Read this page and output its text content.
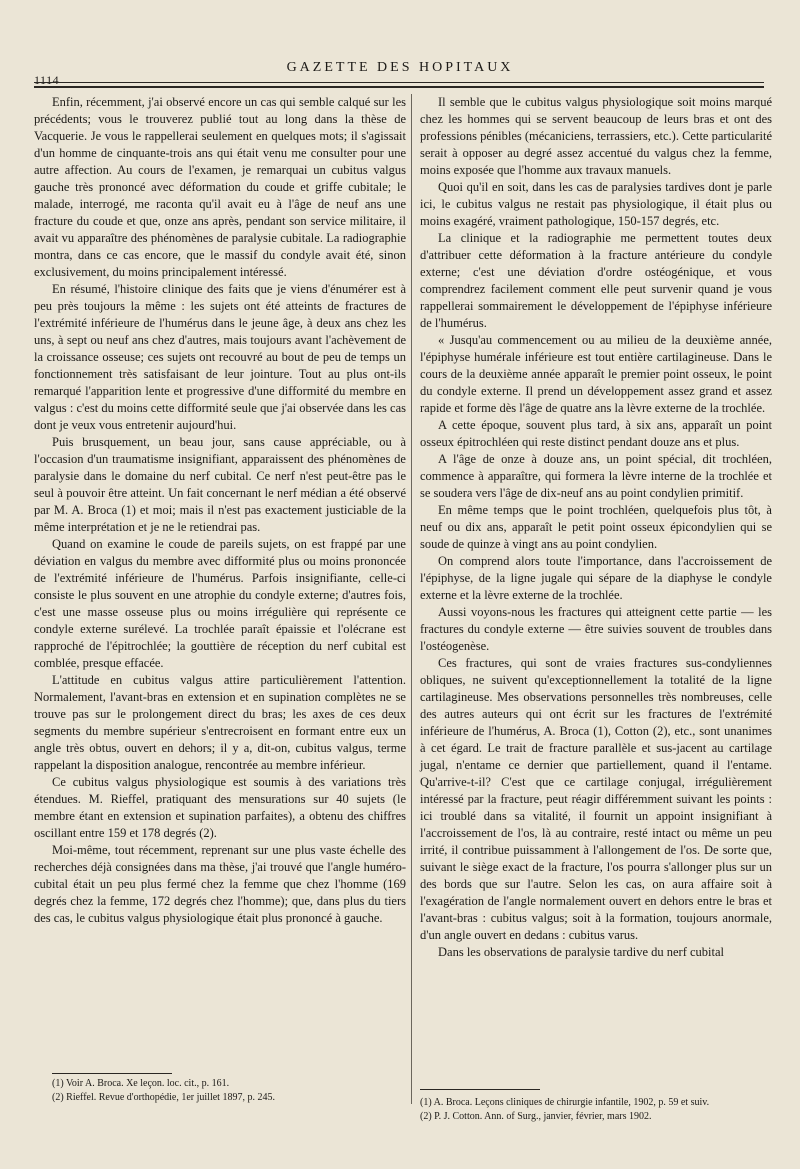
1114
GAZETTE DES HOPITAUX

Enfin, récemment, j'ai observé encore un cas qui semble calqué sur les précédents; vous le trouverez publié tout au long dans la thèse de Vacquerie. Je vous le rappellerai seulement en quelques mots; il s'agissait d'un homme de cinquante-trois ans qui était venu me consulter pour une autre affection. Au cours de l'examen, je remarquai un cubitus valgus gauche très prononcé avec déformation du coude et griffe cubitale; le malade, interrogé, me raconta qu'il avait eu à l'âge de neuf ans une fracture du coude et que, onze ans après, pendant son service militaire, il avait vu apparaître des phénomènes de paralysie cubitale. La radiographie montra, dans ce cas encore, que le massif du condyle avait été, sinon exclusivement, du moins principalement intéressé.

En résumé, l'histoire clinique des faits que je viens d'énumérer est à peu près toujours la même : les sujets ont été atteints de fractures de l'extrémité inférieure de l'humérus dans le jeune âge, à deux ans chez les uns, à sept ou neuf ans chez d'autres, mais toujours avant l'achèvement de la croissance osseuse; ces sujets ont recouvré au bout de peu de temps un fonctionnement très satisfaisant de leur jointure. Tout au plus ont-ils remarqué l'apparition lente et progressive d'une difformité du membre en valgus : c'est du moins cette difformité seule que j'ai observée dans les cas dont je veux vous entretenir aujourd'hui.

Puis brusquement, un beau jour, sans cause appréciable, ou à l'occasion d'un traumatisme insignifiant, apparaissent des phénomènes de paralysie dans le domaine du nerf cubital. Ce nerf n'est peut-être pas le seul à pouvoir être atteint. Un fait concernant le nerf médian a été observé par M. A. Broca (1) et moi; mais il n'est pas exactement justiciable de la même interprétation et je ne le retiendrai pas.

Quand on examine le coude de pareils sujets, on est frappé par une déviation en valgus du membre avec difformité plus ou moins prononcée de l'extrémité inférieure de l'humérus. Parfois insignifiante, celle-ci consiste le plus souvent en une atrophie du condyle externe; d'autres fois, c'est une masse osseuse plus ou moins irrégulière qui représente ce condyle externe surélevé. La trochlée paraît épaissie et l'olécrane est rapproché de l'épitrochlée; la gouttière de réception du nerf cubital est comblée, presque effacée.

L'attitude en cubitus valgus attire particulièrement l'attention. Normalement, l'avant-bras en extension et en supination complètes ne se trouve pas sur le prolongement direct du bras; les axes de ces deux segments du membre supérieur s'entrecroisent en formant entre eux un angle très obtus, ouvert en dehors; il y a, dit-on, cubitus valgus, terme rappelant la disposition analogue, rencontrée au membre inférieur.

Ce cubitus valgus physiologique est soumis à des variations très étendues. M. Rieffel, pratiquant des mensurations sur 40 sujets (le membre étant en extension et supination parfaites), a obtenu des chiffres oscillant entre 159 et 178 degrés (2).

Moi-même, tout récemment, reprenant sur une plus vaste échelle des recherches déjà consignées dans ma thèse, j'ai trouvé que l'angle huméro-cubital était un peu plus fermé chez la femme que chez l'homme (169 degrés chez la femme, 172 degrés chez l'homme); que, dans plus du tiers des cas, le cubitus valgus physiologique était plus prononcé à gauche.

Il semble que le cubitus valgus physiologique soit moins marqué chez les hommes qui se servent beaucoup de leurs bras et ont des professions pénibles (mécaniciens, terrassiers, etc.). Cette particularité serait à opposer au degré assez accentué du valgus chez la femme, moins exposée que l'homme aux travaux manuels.

Quoi qu'il en soit, dans les cas de paralysies tardives dont je parle ici, le cubitus valgus ne restait pas physiologique, il était plus ou moins exagéré, vraiment pathologique, 150-157 degrés, etc.

La clinique et la radiographie me permettent toutes deux d'attribuer cette déformation à la fracture antérieure du condyle externe; c'est une déviation d'ordre ostéogénique, et vous comprendrez facilement comment elle peut survenir quand je vous rappellerai sommairement le développement de l'épiphyse inférieure de l'humérus.

« Jusqu'au commencement ou au milieu de la deuxième année, l'épiphyse humérale inférieure est tout entière cartilagineuse. Dans le cours de la deuxième année apparaît le premier point osseux, le point du condyle externe. Il prend un développement assez grand et assez rapide et forme dès l'âge de quatre ans la lèvre externe de la trochlée.

A cette époque, souvent plus tard, à six ans, apparaît un point osseux épitrochléen qui reste distinct pendant douze ans et plus.

A l'âge de onze à douze ans, un point spécial, dit trochléen, commence à apparaître, qui formera la lèvre interne de la trochlée et se soudera vers l'âge de dix-neuf ans au point condylien primitif.

En même temps que le point trochléen, quelquefois plus tôt, à neuf ou dix ans, apparaît le petit point osseux épicondylien qui se soude de quinze à vingt ans au point condylien.

On comprend alors toute l'importance, dans l'accroissement de l'épiphyse, de la ligne jugale qui sépare de la diaphyse le condyle externe et la lèvre externe de la trochlée.

Aussi voyons-nous les fractures qui atteignent cette partie — les fractures du condyle externe — être suivies souvent de troubles dans l'ostéogenèse.

Ces fractures, qui sont de vraies fractures sus-condyliennes obliques, ne suivent qu'exceptionnellement la totalité de la ligne cartilagineuse. Mes observations personnelles très nombreuses, celle des autres auteurs qui ont écrit sur les fractures de l'extrémité inférieure de l'humérus, A. Broca (1), Cotton (2), etc., sont unanimes à cet égard. Le trait de fracture parallèle et sus-jacent au cartilage jugal, n'entame ce dernier que partiellement, quand il l'entame. Qu'arrive-t-il? C'est que ce cartilage conjugal, irrégulièrement intéressé par la fracture, peut réagir différemment suivant les points : ici troublé dans sa vitalité, il fournit un appoint insignifiant à l'accroissement de l'os, là au contraire, resté intact ou même un peu irrité, il contribue puissamment à l'allongement de l'os. De sorte que, suivant le siège exact de la fracture, l'os pourra s'allonger plus sur un des bords que sur l'autre. Selon les cas, on aura affaire soit à l'exagération de l'angle normalement ouvert en dehors entre le bras et l'avant-bras : cubitus valgus; soit à la formation, toujours anormale, d'un angle ouvert en dedans : cubitus varus.

Dans les observations de paralysie tardive du nerf cubital

(1) Voir A. Broca. Xe leçon. loc. cit., p. 161.
(2) Rieffel. Revue d'orthopédie, 1er juillet 1897, p. 245.	(1) A. Broca. Leçons cliniques de chirurgie infantile, 1902, p. 59 et suiv.
(2) P. J. Cotton. Ann. of Surg., janvier, février, mars 1902.
